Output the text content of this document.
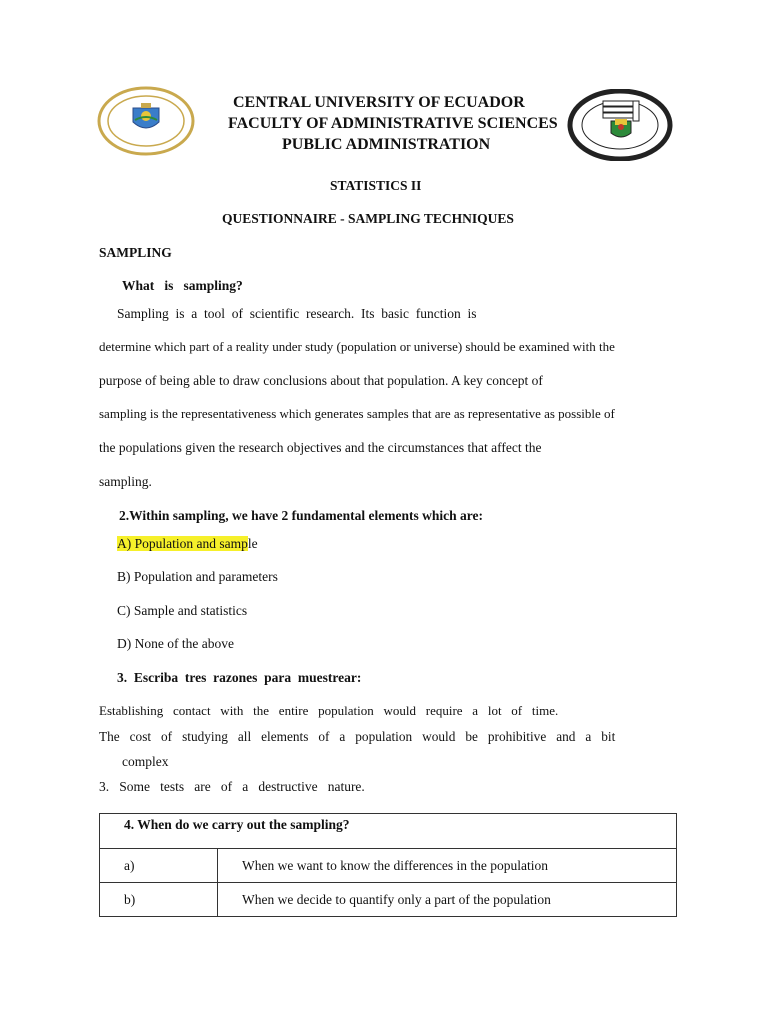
CENTRAL UNIVERSITY OF ECUADOR
FACULTY OF ADMINISTRATIVE SCIENCES
PUBLIC ADMINISTRATION
STATISTICS II
QUESTIONNAIRE - SAMPLING TECHNIQUES
SAMPLING
What   is   sampling?
Sampling  is  a  tool  of  scientific  research.  Its  basic  function  is
determine which part of a reality under study (population or universe) should be examined with the
purpose of being able to draw conclusions about that population. A key concept of
sampling is the representativeness which generates samples that are as representative as possible of
the populations given the research objectives and the circumstances that affect the
sampling.
2.Within sampling, we have 2 fundamental elements which are:
A) Population and sample
B) Population and parameters
C) Sample and statistics
D) None of the above
3.  Escriba  tres  razones  para  muestrear:
Establishing   contact   with   the   entire   population   would   require   a   lot   of   time.
The   cost   of   studying   all   elements   of   a   population   would   be   prohibitive   and   a   bit
complex
3.   Some   tests   are   of   a   destructive   nature.
4. When do we carry out the sampling?	
a)	When we want to know the differences in the population
b)	When we decide to quantify only a part of the population
